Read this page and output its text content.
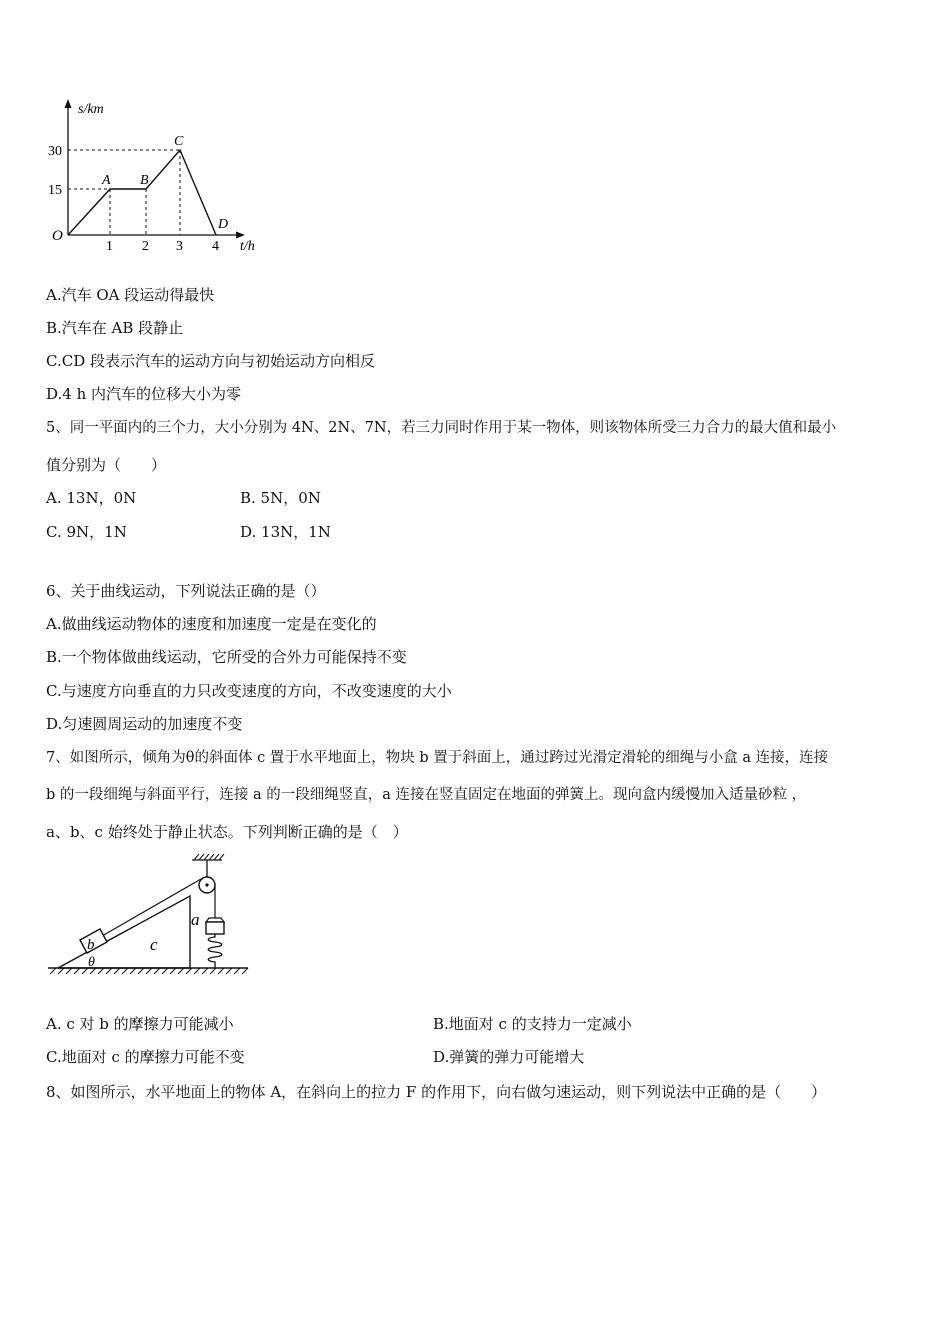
s/km
t/h
O
30
15
1 2 3 4
A B
C
D
A.汽车 OA 段运动得最快
B.汽车在 AB 段静止
C.CD 段表示汽车的运动方向与初始运动方向相反
D.4 h 内汽车的位移大小为零
5、同一平面内的三个力，大小分别为 4N、2N、7N，若三力同时作用于某一物体，则该物体所受三力合力的最大值和最小
值分别为（　　）
A. 13N，0N	B. 5N，0N
C. 9N，1N	D. 13N，1N
6、关于曲线运动，下列说法正确的是（）
A.做曲线运动物体的速度和加速度一定是在变化的
B.一个物体做曲线运动，它所受的合外力可能保持不变
C.与速度方向垂直的力只改变速度的方向，不改变速度的大小
D.匀速圆周运动的加速度不变
7、如图所示，倾角为θ的斜面体 c 置于水平地面上，物块 b 置于斜面上，通过跨过光滑定滑轮的细绳与小盒 a 连接，连接
b 的一段细绳与斜面平行，连接 a 的一段细绳竖直，a 连接在竖直固定在地面的弹簧上。现向盒内缓慢加入适量砂粒 ，
a、b、c 始终处于静止状态。下列判断正确的是（　）
a
b	c
θ
A. c 对 b 的摩擦力可能减小	B.地面对 c 的支持力一定减小
C.地面对 c 的摩擦力可能不变	D.弹簧的弹力可能增大
8、如图所示，水平地面上的物体 A，在斜向上的拉力 F 的作用下，向右做匀速运动，则下列说法中正确的是（　　）
